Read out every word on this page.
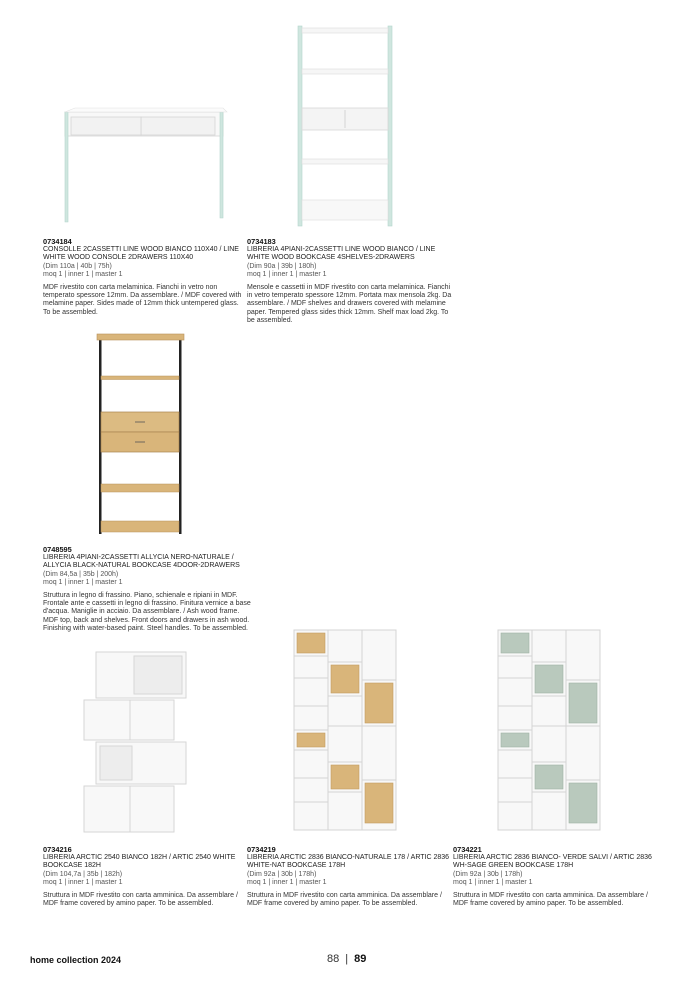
0734184
CONSOLLE 2CASSETTI LINE WOOD BIANCO 110X40 / LINE WHITE WOOD CONSOLE 2DRAWERS 110X40
(Dim 110a | 40b | 75h)
moq 1 | inner 1 | master 1
MDF rivestito con carta melaminica. Fianchi in vetro non temperato spessore 12mm. Da assemblare. / MDF covered with melamine paper. Sides made of 12mm thick untempered glass. To be assembled.
0734183
LIBRERIA 4PIANI-2CASSETTI LINE WOOD BIANCO / LINE WHITE WOOD BOOKCASE 4SHELVES-2DRAWERS
(Dim 90a | 39b | 180h)
moq 1 | inner 1 | master 1
Mensole e cassetti in MDF rivestito con carta melaminica. Fianchi in vetro temperato spessore 12mm. Portata max mensola 2kg. Da assemblare. / MDF shelves and drawers covered with melamine paper. Tempered glass sides thick 12mm. Shelf max load 2kg. To be assembled.
0748595
LIBRERIA 4PIANI-2CASSETTI ALLYCIA NERO-NATURALE / ALLYCIA BLACK-NATURAL BOOKCASE 4DOOR-2DRAWERS
(Dim 84,5a | 35b | 200h)
moq 1 | inner 1 | master 1
Struttura in legno di frassino. Piano, schienale e ripiani in MDF. Frontale ante e cassetti in legno di frassino. Finitura vernice a base d'acqua. Maniglie in acciaio. Da assemblare. / Ash wood frame. MDF top, back and shelves. Front doors and drawers in ash wood. Finishing with water-based paint. Steel handles. To be assembled.
0734216
LIBRERIA ARCTIC 2540 BIANCO 182H / ARTIC 2540 WHITE BOOKCASE 182H
(Dim 104,7a | 35b | 182h)
moq 1 | inner 1 | master 1
Struttura in MDF rivestito con carta amminica. Da assemblare / MDF frame covered by amino paper. To be assembled.
0734219
LIBRERIA ARCTIC 2836 BIANCO-NATURALE 178 / ARTIC 2836 WHITE-NAT BOOKCASE 178H
(Dim 92a | 30b | 178h)
moq 1 | inner 1 | master 1
Struttura in MDF rivestito con carta amminica. Da assemblare / MDF frame covered by amino paper. To be assembled.
0734221
LIBRERIA ARCTIC 2836 BIANCO- VERDE SALVI / ARTIC 2836 WH-SAGE GREEN BOOKCASE 178H
(Dim 92a | 30b | 178h)
moq 1 | inner 1 | master 1
Struttura in MDF rivestito con carta amminica. Da assemblare / MDF frame covered by amino paper. To be assembled.
home collection 2024	88 | 89
